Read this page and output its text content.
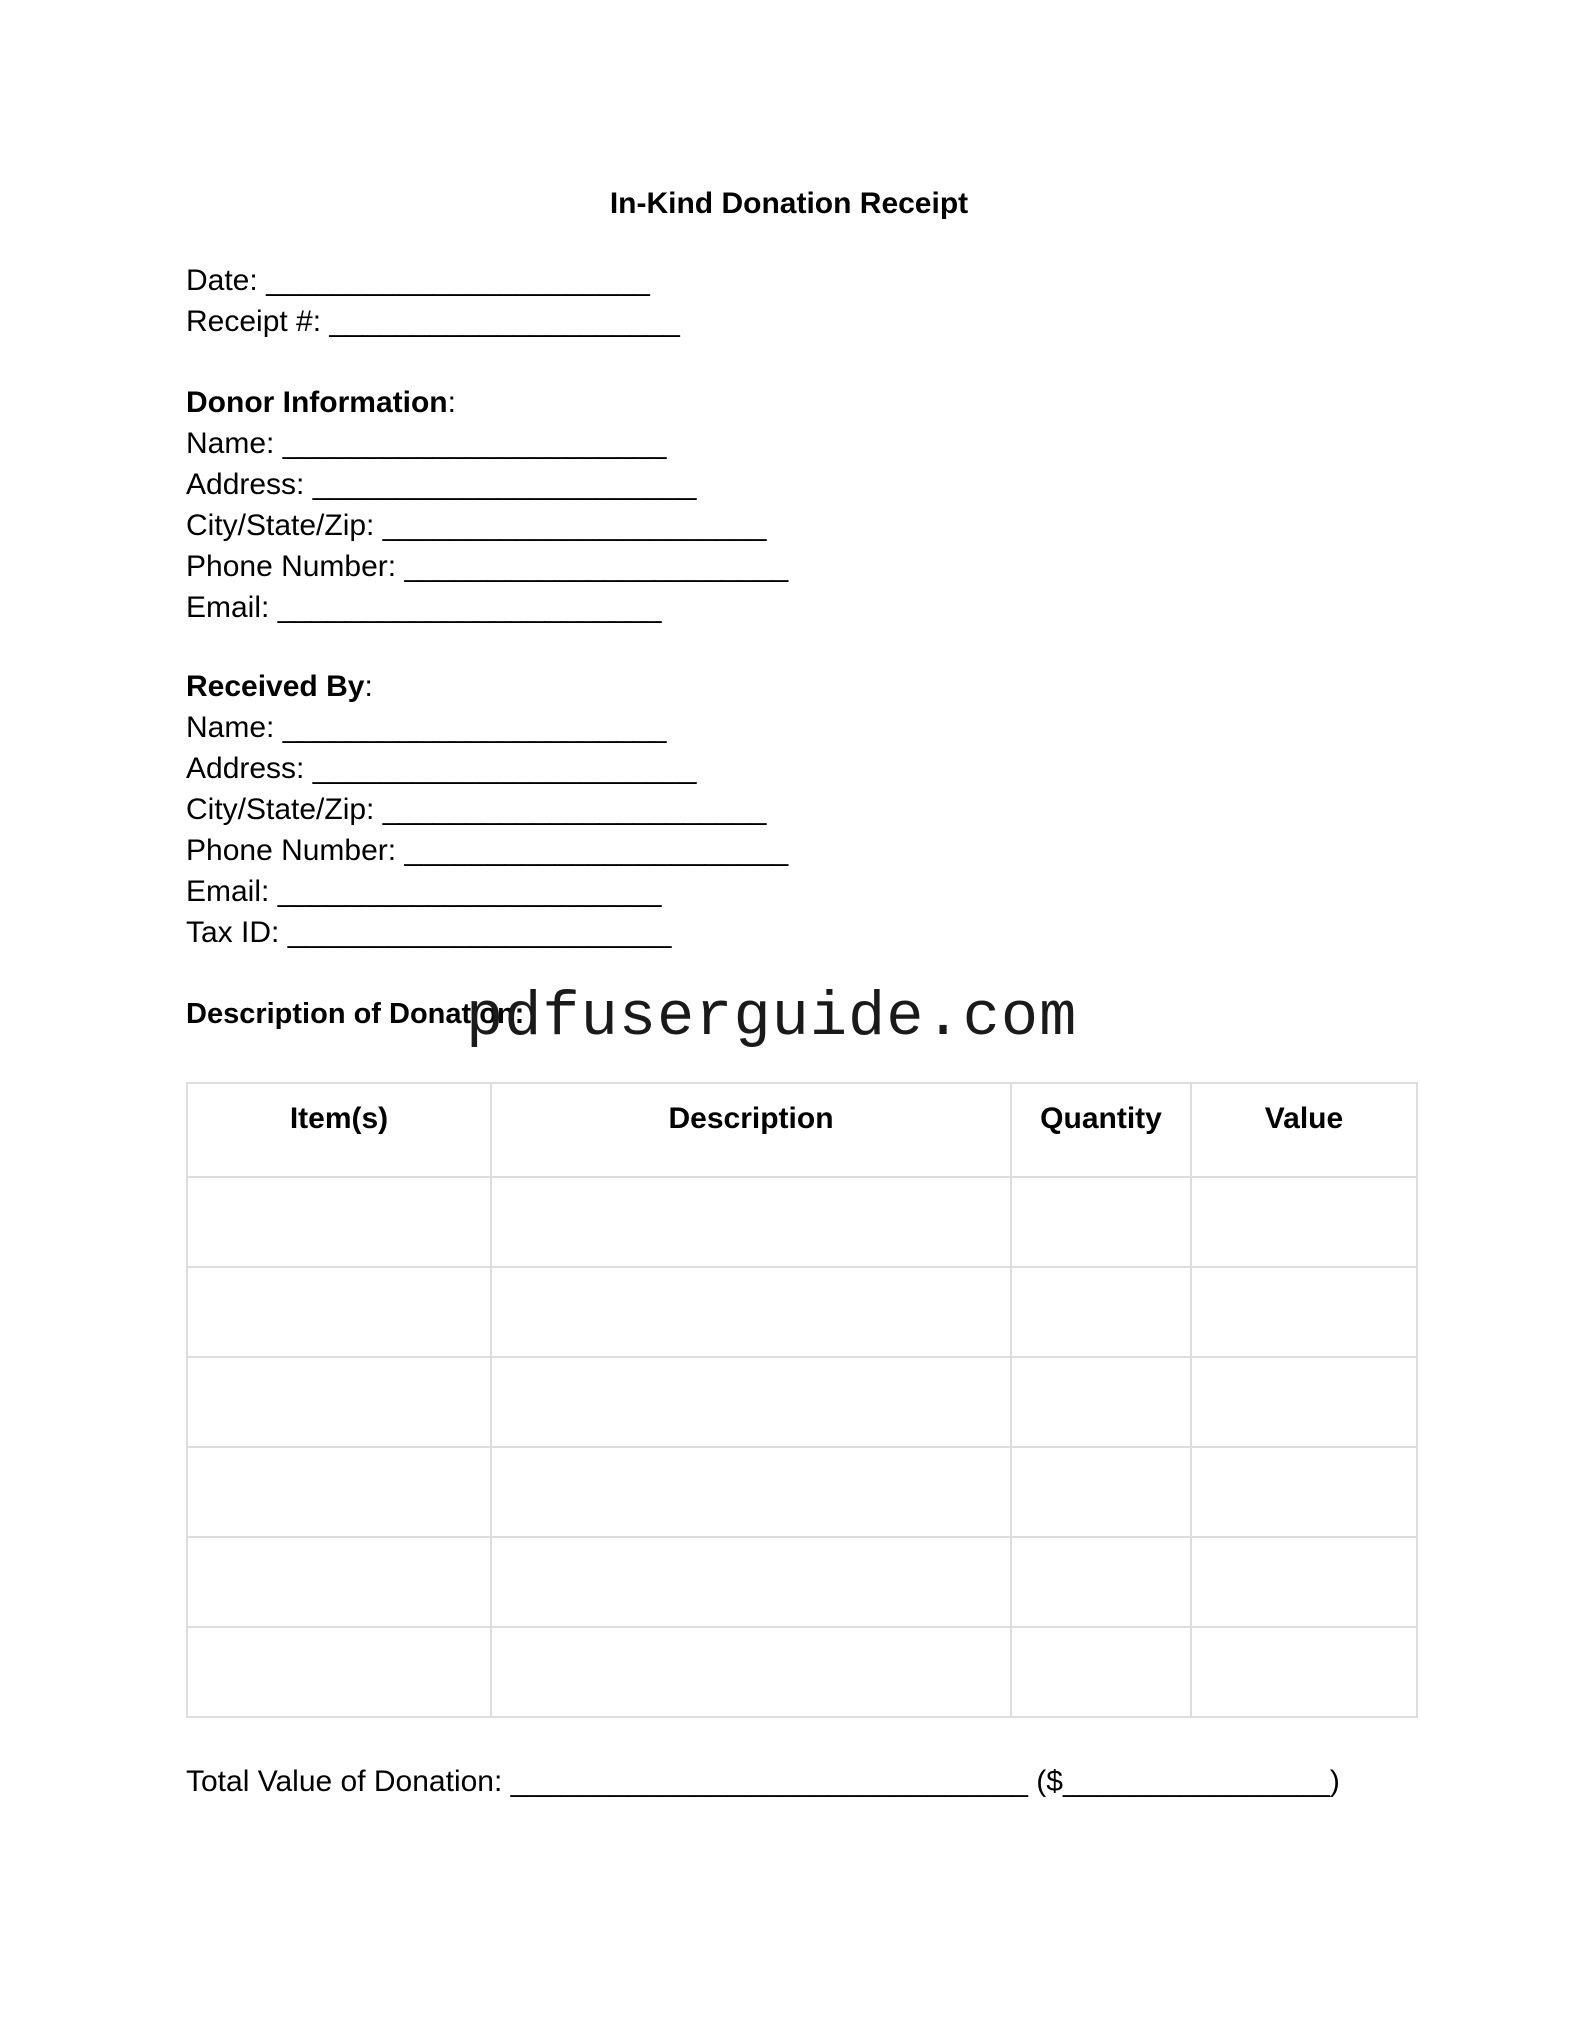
In-Kind Donation Receipt
Date: _______________________
Receipt #: _____________________
Donor Information:
Name: _______________________
Address: _______________________
City/State/Zip: _______________________
Phone Number: _______________________
Email: _______________________
Received By:
Name: _______________________
Address: _______________________
City/State/Zip: _______________________
Phone Number: _______________________
Email: _______________________
Tax ID: _______________________
Description of Donation:
pdfuserguide.com
Item(s)	Description	Quantity	Value

Total Value of Donation: _______________________________ ($________________)
